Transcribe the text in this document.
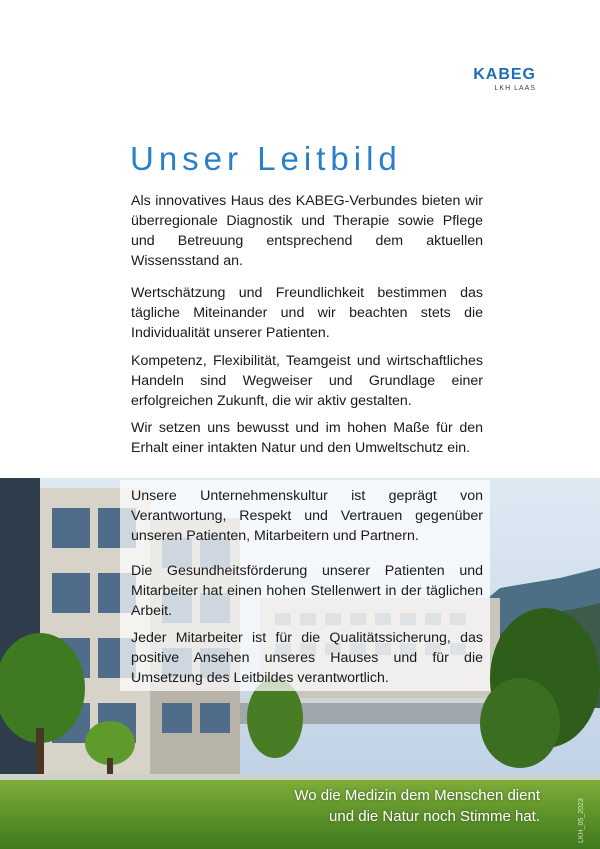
KABEG
LKH LAAS
Unser Leitbild

Als innovatives Haus des KABEG-Verbundes bieten wir überregionale Diagnostik und Therapie sowie Pflege und Betreuung entsprechend dem aktuellen Wissensstand an.

Wertschätzung und Freundlichkeit bestimmen das tägliche Miteinander und wir beachten stets die Individualität unserer Patienten.

Kompetenz, Flexibilität, Teamgeist und wirtschaftliches Handeln sind Wegweiser und Grundlage einer erfolgreichen Zukunft, die wir aktiv gestalten.

Wir setzen uns bewusst und im hohen Maße für den Erhalt einer intakten Natur und den Umweltschutz ein.

Unsere Unternehmenskultur ist geprägt von Verantwortung, Respekt und Vertrauen gegenüber unseren Patienten, Mitarbeitern und Partnern.

Die Gesundheitsförderung unserer Patienten und Mitarbeiter hat einen hohen Stellenwert in der täglichen Arbeit.

Jeder Mitarbeiter ist für die Qualitätssicherung, das positive Ansehen unseres Hauses und für die Umsetzung des Leitbildes verantwortlich.

Wo die Medizin dem Menschen dient
und die Natur noch Stimme hat.	LKH_05_2023
